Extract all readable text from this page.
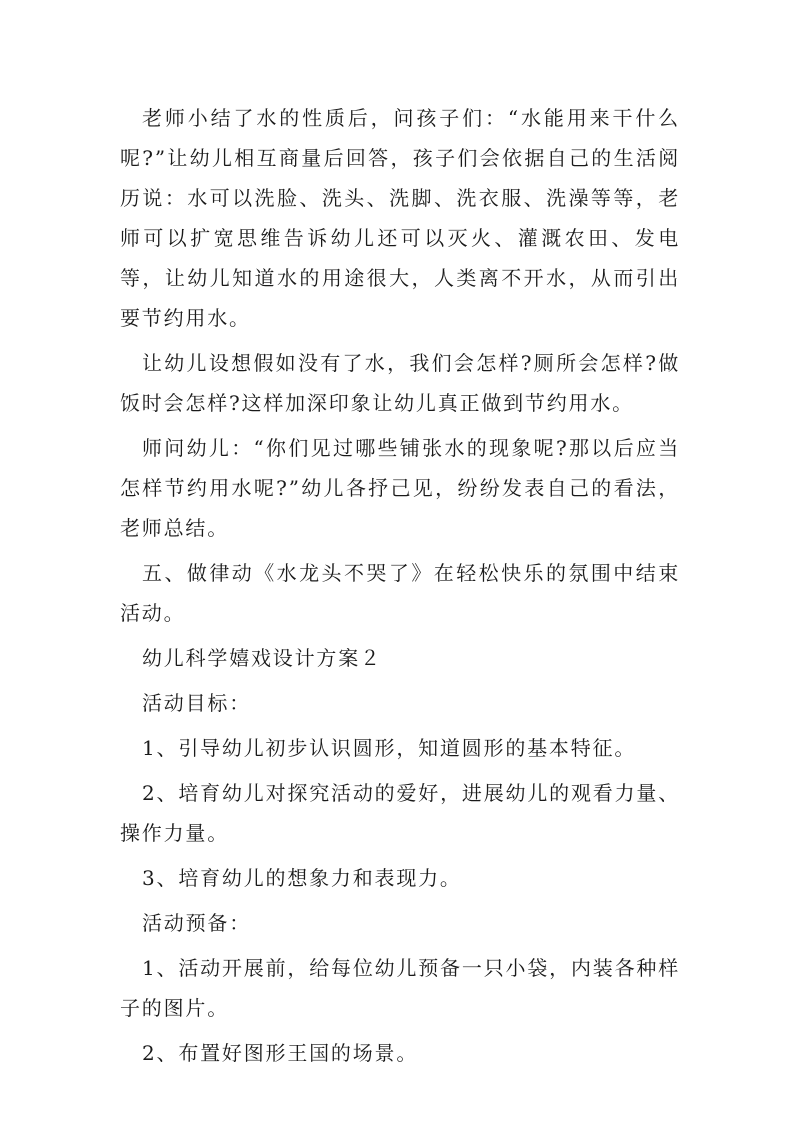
老师小结了水的性质后，问孩子们：“水能用来干什么呢?”让幼儿相互商量后回答，孩子们会依据自己的生活阅历说：水可以洗脸、洗头、洗脚、洗衣服、洗澡等等，老师可以扩宽思维告诉幼儿还可以灭火、灌溉农田、发电等，让幼儿知道水的用途很大，人类离不开水，从而引出要节约用水。

让幼儿设想假如没有了水，我们会怎样?厕所会怎样?做饭时会怎样?这样加深印象让幼儿真正做到节约用水。

师问幼儿：“你们见过哪些铺张水的现象呢?那以后应当怎样节约用水呢?”幼儿各抒己见，纷纷发表自己的看法，老师总结。

五、做律动《水龙头不哭了》在轻松快乐的氛围中结束活动。

幼儿科学嬉戏设计方案２

活动目标：

1、引导幼儿初步认识圆形，知道圆形的基本特征。

2、培育幼儿对探究活动的爱好，进展幼儿的观看力量、操作力量。

3、培育幼儿的想象力和表现力。

活动预备：

1、活动开展前，给每位幼儿预备一只小袋，内装各种样子的图片。

2、布置好图形王国的场景。
